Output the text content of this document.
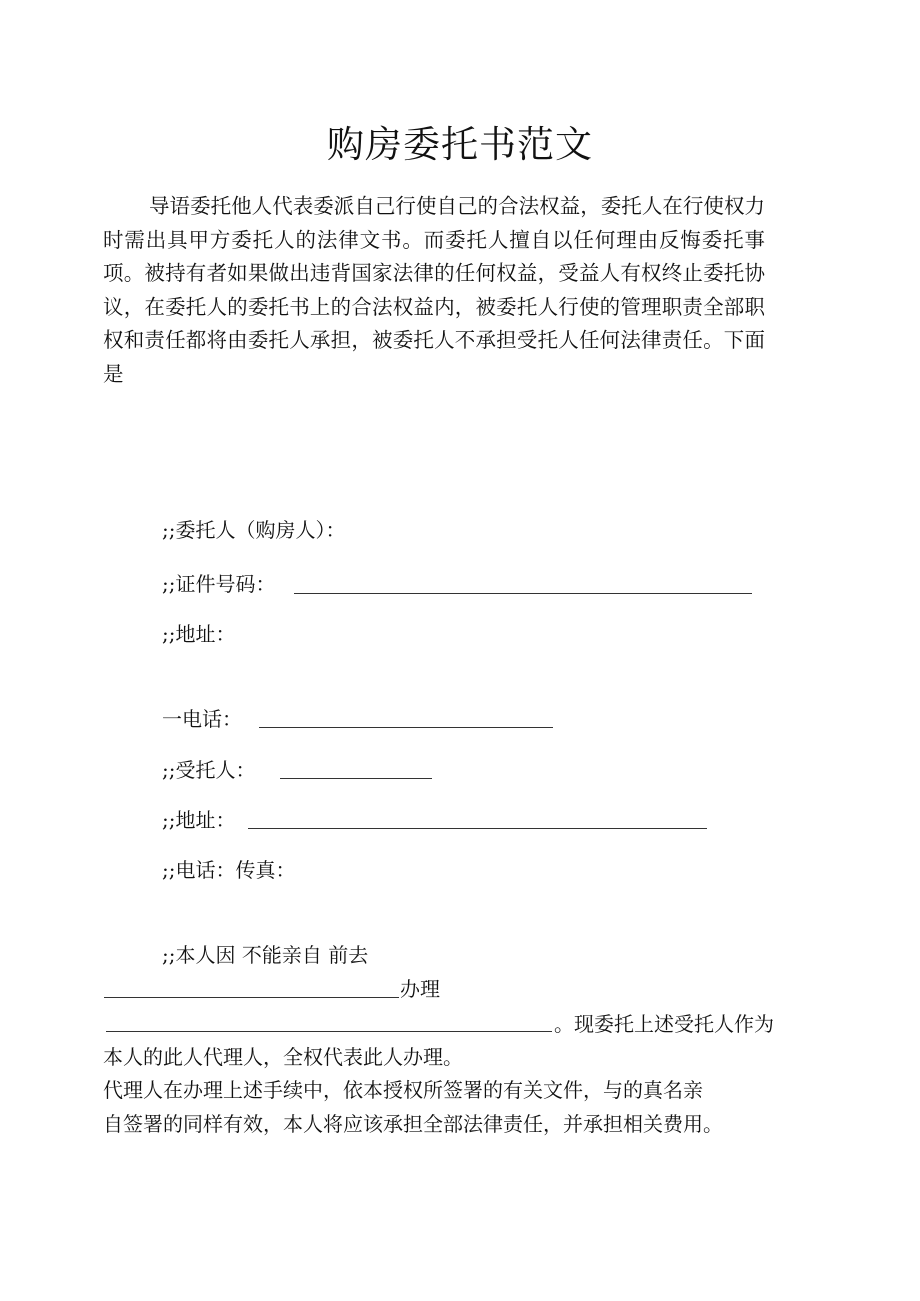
购房委托书范文

导语委托他人代表委派自己行使自己的合法权益，委托人在行使权力时需出具甲方委托人的法律文书。而委托人擅自以任何理由反悔委托事项。被持有者如果做出违背国家法律的任何权益，受益人有权终止委托协议，在委托人的委托书上的合法权益内，被委托人行使的管理职责全部职权和责任都将由委托人承担，被委托人不承担受托人任何法律责任。下面是

;;委托人（购房人）：
;;证件号码：
;;地址：
一电话：
;;受托人：
;;地址：
;;电话：传真：
;;本人因 不能亲自 前去
办理
。现委托上述受托人作为
本人的此人代理人，全权代表此人办理。
代理人在办理上述手续中，依本授权所签署的有关文件，与的真名亲
自签署的同样有效，本人将应该承担全部法律责任，并承担相关费用。
